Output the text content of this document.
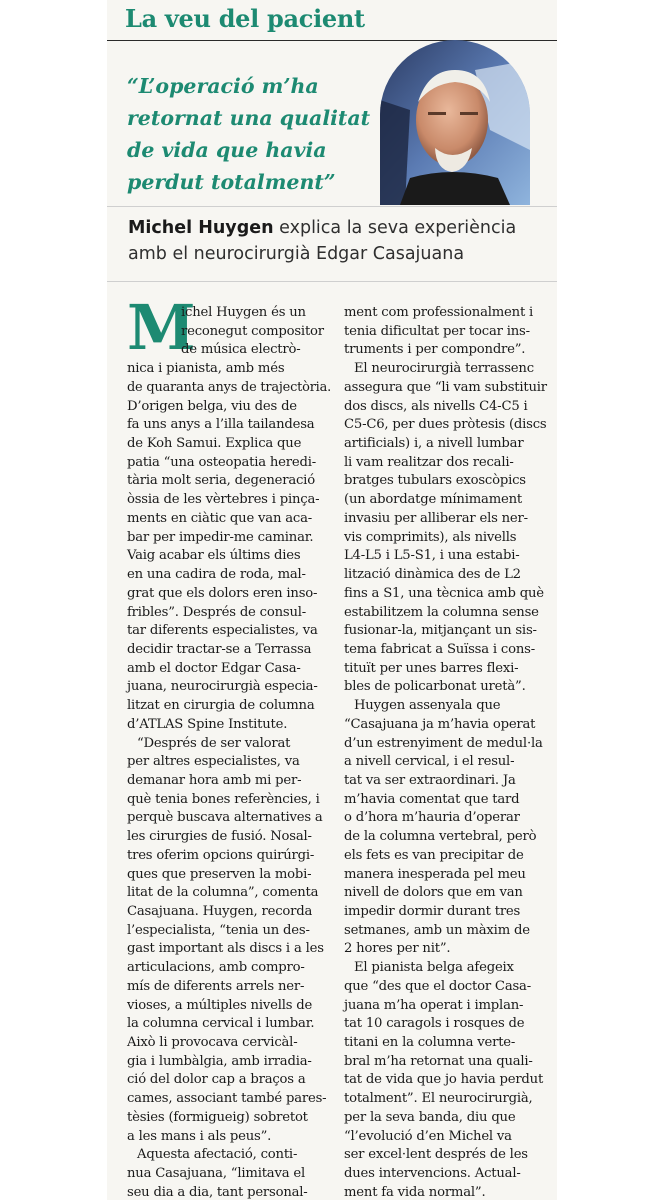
La veu del pacient
“L’operació m’ha retornat una qualitat de vida que havia perdut totalment”
Michel Huygen explica la seva experiència
amb el neurocirurgià Edgar Casajuana
M
ichel Huygen és un
reconegut compositor
de música electrò-
nica i pianista, amb més
de quaranta anys de trajectòria.
D’origen belga, viu des de
fa uns anys a l’illa tailandesa
de Koh Samui. Explica que
patia “una osteopatia heredi-
tària molt seria, degeneració
òssia de les vèrtebres i pinça-
ments en ciàtic que van aca-
bar per impedir-me caminar.
Vaig acabar els últims dies
en una cadira de roda, mal-
grat que els dolors eren inso-
fribles”. Després de consul-
tar diferents especialistes, va
decidir tractar-se a Terrassa
amb el doctor Edgar Casa-
juana, neurocirurgià especia-
litzat en cirurgia de columna
d’ATLAS Spine Institute.
“Després de ser valorat
per altres especialistes, va
demanar hora amb mi per-
què tenia bones referències, i
perquè buscava alternatives a
les cirurgies de fusió. Nosal-
tres oferim opcions quirúrgi-
ques que preserven la mobi-
litat de la columna”, comenta
Casajuana. Huygen, recorda
l’especialista, “tenia un des-
gast important als discs i a les
articulacions, amb compro-
mís de diferents arrels ner-
vioses, a múltiples nivells de
la columna cervical i lumbar.
Això li provocava cervicàl-
gia i lumbàlgia, amb irradia-
ció del dolor cap a braços a
cames, associant també pares-
tèsies (formigueig) sobretot
a les mans i als peus”.
Aquesta afectació, conti-
nua Casajuana, “limitava el
seu dia a dia, tant personal-
ment com professionalment i
tenia dificultat per tocar ins-
truments i per compondre”.
El neurocirurgià terrassenc
assegura que “li vam substituir
dos discs, als nivells C4-C5 i
C5-C6, per dues pròtesis (discs
artificials) i, a nivell lumbar
li vam realitzar dos recali-
bratges tubulars exoscòpics
(un abordatge mínimament
invasiu per alliberar els ner-
vis comprimits), als nivells
L4-L5 i L5-S1, i una estabi-
lització dinàmica des de L2
fins a S1, una tècnica amb què
estabilitzem la columna sense
fusionar-la, mitjançant un sis-
tema fabricat a Suïssa i cons-
tituït per unes barres flexi-
bles de policarbonat uretà”.
Huygen assenyala que
“Casajuana ja m’havia operat
d’un estrenyiment de medul·la
a nivell cervical, i el resul-
tat va ser extraordinari. Ja
m’havia comentat que tard
o d’hora m’hauria d’operar
de la columna vertebral, però
els fets es van precipitar de
manera inesperada pel meu
nivell de dolors que em van
impedir dormir durant tres
setmanes, amb un màxim de
2 hores per nit”.
El pianista belga afegeix
que “des que el doctor Casa-
juana m’ha operat i implan-
tat 10 caragols i rosques de
titani en la columna verte-
bral m’ha retornat una quali-
tat de vida que jo havia perdut
totalment”. El neurocirurgià,
per la seva banda, diu que
“l’evolució d’en Michel va
ser excel·lent després de les
dues intervencions. Actual-
ment fa vida normal”.
